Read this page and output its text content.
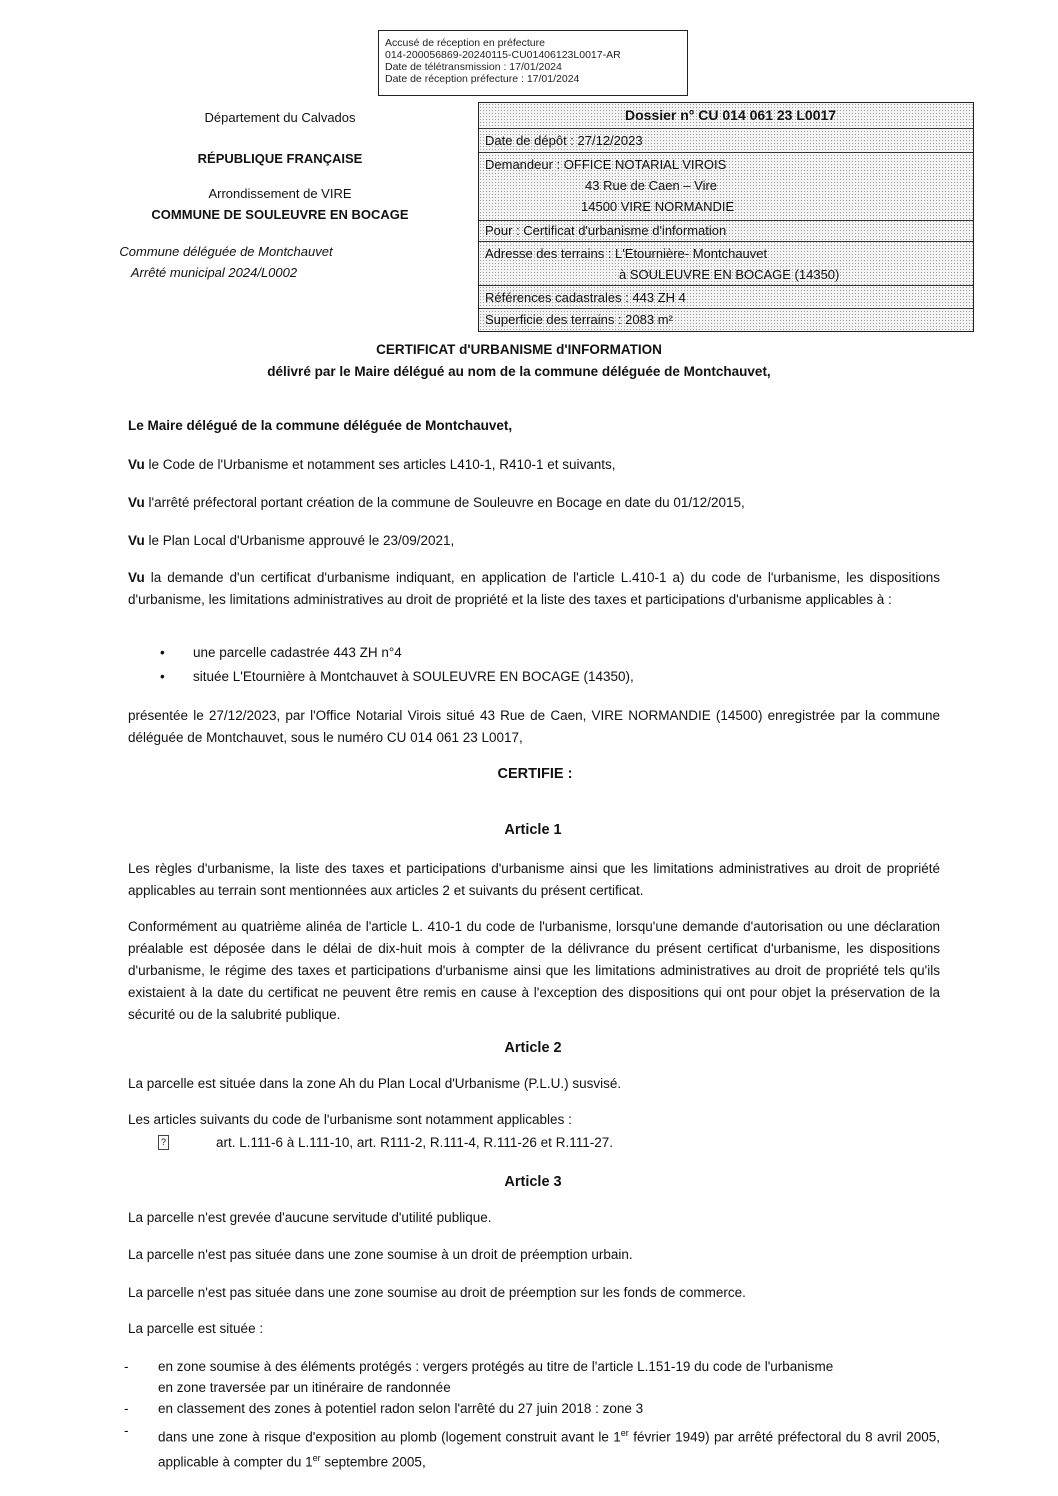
Accusé de réception en préfecture
014-200056869-20240115-CU01406123L0017-AR
Date de télétransmission : 17/01/2024
Date de réception préfecture : 17/01/2024
Département du Calvados
RÉPUBLIQUE FRANÇAISE
Arrondissement de VIRE
COMMUNE DE SOULEUVRE EN BOCAGE
Commune déléguée de Montchauvet
Arrêté municipal 2024/L0002
Dossier n° CU 014 061 23 L0017
Date de dépôt : 27/12/2023
Demandeur : OFFICE NOTARIAL VIROIS
43 Rue de Caen – Vire
14500 VIRE NORMANDIE
Pour : Certificat d'urbanisme d'information
Adresse des terrains : L'Etournière- Montchauvet
à SOULEUVRE EN BOCAGE (14350)
Références cadastrales : 443 ZH 4
Superficie des terrains : 2083 m²
CERTIFICAT d'URBANISME d'INFORMATION
délivré par le Maire délégué au nom de la commune déléguée de Montchauvet,
Le Maire délégué de la commune déléguée de Montchauvet,
Vu le Code de l'Urbanisme et notamment ses articles L410-1, R410-1 et suivants,
Vu l'arrêté préfectoral portant création de la commune de Souleuvre en Bocage en date du 01/12/2015,
Vu le Plan Local d'Urbanisme approuvé le 23/09/2021,
Vu la demande d'un certificat d'urbanisme indiquant, en application de l'article L.410-1 a) du code de l'urbanisme, les dispositions d'urbanisme, les limitations administratives au droit de propriété et la liste des taxes et participations d'urbanisme applicables à :
• une parcelle cadastrée 443 ZH n°4
• située L'Etournière à Montchauvet à SOULEUVRE EN BOCAGE (14350),
présentée le 27/12/2023, par l'Office Notarial Virois situé 43 Rue de Caen, VIRE NORMANDIE (14500) enregistrée par la commune déléguée de Montchauvet, sous le numéro CU 014 061 23 L0017,
CERTIFIE :
Article 1
Les règles d'urbanisme, la liste des taxes et participations d'urbanisme ainsi que les limitations administratives au droit de propriété applicables au terrain sont mentionnées aux articles 2 et suivants du présent certificat.
Conformément au quatrième alinéa de l'article L. 410-1 du code de l'urbanisme, lorsqu'une demande d'autorisation ou une déclaration préalable est déposée dans le délai de dix-huit mois à compter de la délivrance du présent certificat d'urbanisme, les dispositions d'urbanisme, le régime des taxes et participations d'urbanisme ainsi que les limitations administratives au droit de propriété tels qu'ils existaient à la date du certificat ne peuvent être remis en cause à l'exception des dispositions qui ont pour objet la préservation de la sécurité ou de la salubrité publique.
Article 2
La parcelle est située dans la zone Ah du Plan Local d'Urbanisme (P.L.U.) susvisé.
Les articles suivants du code de l'urbanisme sont notamment applicables :
?	art. L.111-6 à L.111-10, art. R111-2, R.111-4, R.111-26 et R.111-27.
Article 3
La parcelle n'est grevée d'aucune servitude d'utilité publique.
La parcelle n'est pas située dans une zone soumise à un droit de préemption urbain.
La parcelle n'est pas située dans une zone soumise au droit de préemption sur les fonds de commerce.
La parcelle est située :
- en zone soumise à des éléments protégés : vergers protégés au titre de l'article L.151-19 du code de l'urbanisme
en zone traversée par un itinéraire de randonnée
- en classement des zones à potentiel radon selon l'arrêté du 27 juin 2018 : zone 3
- dans une zone à risque d'exposition au plomb (logement construit avant le 1er février 1949) par arrêté préfectoral du 8 avril 2005, applicable à compter du 1er septembre 2005,
